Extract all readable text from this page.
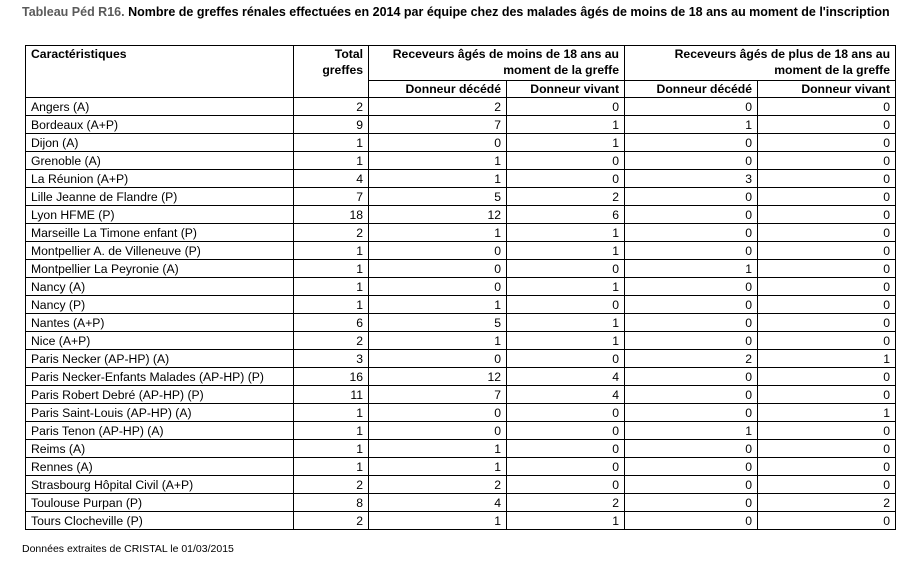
Tableau Péd R16. Nombre de greffes rénales effectuées en 2014 par équipe chez des malades âgés de moins de 18 ans au moment de l'inscription
Caractéristiques	Total greffes	Receveurs âgés de moins de 18 ans au moment de la greffe		Receveurs âgés de plus de 18 ans au moment de la greffe	
		Donneur décédé	Donneur vivant	Donneur décédé	Donneur vivant
Angers (A)	2	2	0	0	0
Bordeaux (A+P)	9	7	1	1	0
Dijon (A)	1	0	1	0	0
Grenoble (A)	1	1	0	0	0
La Réunion (A+P)	4	1	0	3	0
Lille Jeanne de Flandre (P)	7	5	2	0	0
Lyon HFME (P)	18	12	6	0	0
Marseille La Timone enfant (P)	2	1	1	0	0
Montpellier A. de Villeneuve (P)	1	0	1	0	0
Montpellier La Peyronie (A)	1	0	0	1	0
Nancy (A)	1	0	1	0	0
Nancy (P)	1	1	0	0	0
Nantes (A+P)	6	5	1	0	0
Nice (A+P)	2	1	1	0	0
Paris Necker (AP-HP) (A)	3	0	0	2	1
Paris Necker-Enfants Malades (AP-HP) (P)	16	12	4	0	0
Paris Robert Debré (AP-HP) (P)	11	7	4	0	0
Paris Saint-Louis (AP-HP) (A)	1	0	0	0	1
Paris Tenon (AP-HP) (A)	1	0	0	1	0
Reims (A)	1	1	0	0	0
Rennes (A)	1	1	0	0	0
Strasbourg Hôpital Civil (A+P)	2	2	0	0	0
Toulouse Purpan (P)	8	4	2	0	2
Tours Clocheville (P)	2	1	1	0	0
Données extraites de CRISTAL le 01/03/2015
